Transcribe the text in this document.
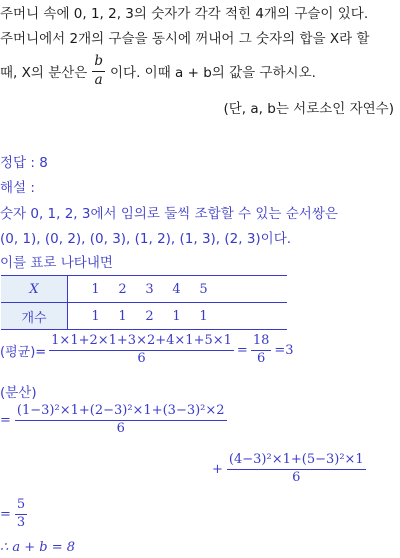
주머니 속에 0, 1, 2, 3의 숫자가 각각 적힌 4개의 구슬이 있다.
주머니에서 2개의 구슬을 동시에 꺼내어 그 숫자의 합을 X라 할
때, X의 분산은 $\frac{b}{a}$ 이다. 이때 a + b의 값을 구하시오.
(단, a, b는 서로소인 자연수)
정답 : 8
해설 :
숫자 0, 1, 2, 3에서 임의로 둘씩 조합할 수 있는 순서쌍은
(0, 1), (0, 2), (0, 3), (1, 2), (1, 3), (2, 3)이다.
이를 표로 나타내면
X		1	2	3	4	5	
개수		1	1	2	1	1	
(평균)= $\frac{1\times 1+2\times 1+3\times 2+4\times 1+5\times 1}{6} = \frac{18}{6} =3$
(분산)
= $\frac{\text{(1−3)²×1+(2−3)²×1+(3−3)²×2}}{6}$
+ $\frac{\text{(4−3)²×1+(5−3)²×1}}{6}$
= $\frac{5}{3}$
∴ a + b = 8
